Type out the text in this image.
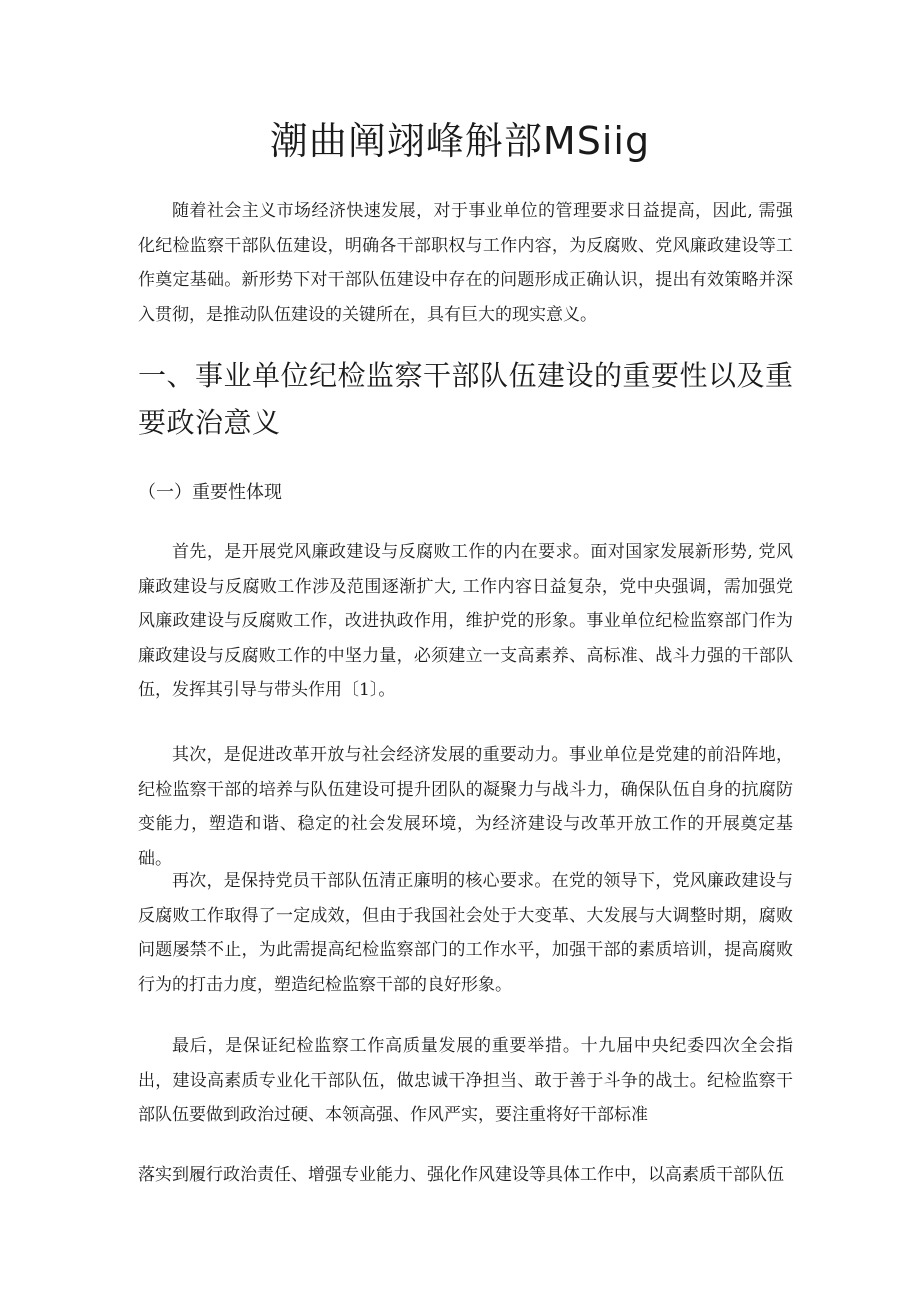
潮曲阐翊峰斛部MSiig

随着社会主义市场经济快速发展，对于事业单位的管理要求日益提高，因此, 需强化纪检监察干部队伍建设，明确各干部职权与工作内容，为反腐败、党风廉政建设等工作奠定基础。新形势下对干部队伍建设中存在的问题形成正确认识，提出有效策略并深入贯彻，是推动队伍建设的关键所在，具有巨大的现实意义。

一、事业单位纪检监察干部队伍建设的重要性以及重要政治意义
（一）重要性体现

首先，是开展党风廉政建设与反腐败工作的内在要求。面对国家发展新形势, 党风廉政建设与反腐败工作涉及范围逐渐扩大, 工作内容日益复杂，党中央强调，需加强党风廉政建设与反腐败工作，改进执政作用，维护党的形象。事业单位纪检监察部门作为廉政建设与反腐败工作的中坚力量，必须建立一支高素养、高标准、战斗力强的干部队伍，发挥其引导与带头作用〔1〕。

其次，是促进改革开放与社会经济发展的重要动力。事业单位是党建的前沿阵地，纪检监察干部的培养与队伍建设可提升团队的凝聚力与战斗力，确保队伍自身的抗腐防变能力，塑造和谐、稳定的社会发展环境，为经济建设与改革开放工作的开展奠定基础。

再次，是保持党员干部队伍清正廉明的核心要求。在党的领导下，党风廉政建设与反腐败工作取得了一定成效，但由于我国社会处于大变革、大发展与大调整时期，腐败问题屡禁不止，为此需提高纪检监察部门的工作水平，加强干部的素质培训，提高腐败行为的打击力度，塑造纪检监察干部的良好形象。

最后，是保证纪检监察工作高质量发展的重要举措。十九届中央纪委四次全会指出，建设高素质专业化干部队伍，做忠诚干净担当、敢于善于斗争的战士。纪检监察干部队伍要做到政治过硬、本领高强、作风严实，要注重将好干部标准

落实到履行政治责任、增强专业能力、强化作风建设等具体工作中，以高素质干部队伍
